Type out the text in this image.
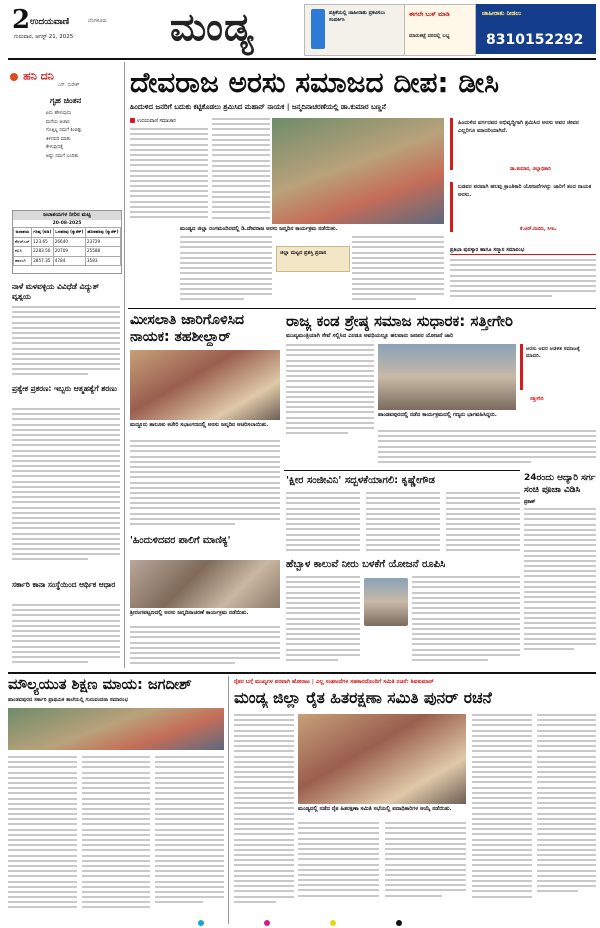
2 ಉದಯವಾಣಿ	ಬೆಂಗಳೂರು
ಗುರುವಾರ, ಆಗಸ್ಟ್ 21, 2025	ಮಂಡ್ಯ	ಪತ್ರಿಕೆಯಲ್ಲಿ ಜಾಹೀರಾತು ಪ್ರಕಟಿಸಲು ಸಂಪರ್ಕಿಸಿ
ಈಗಲೇ ಬುಕ್ ಮಾಡಿ
ಮಾರುಕಟ್ಟೆ ದರದಲ್ಲಿ ಲಭ್ಯ
ಜಾಹೀರಾತು ನೀಡಲು
8310152292
ಹನಿ ದನಿ
ಎನ್. ಸುರೇಶ್
ಗೃಹ ಚಿಂತನ
ಏನು ಹೇಳುವುದು
ಮನೆಯ ಆಚಾರ
ಗೊತ್ತಿಲ್ಲ ನಮಗೆ ಕಿಂಚಿತ್ತು
ತಿಳಿದವರ ಮಾತು
ಕೇಳುವುದಕ್ಕೆ
ಅಷ್ಟು ನಮಗೆ ಬಂದಿತು
ಜಲಾಶಯಗಳ ನೀರಿನ ಮಟ್ಟ
20-08-2025
ಜಲಾಶಯ	ಗರಿಷ್ಠ (ಅಡಿ)	ಒಳಹರಿವು (ಕ್ಯುಸೆಕ್)	ಹೊರಹರಿವು (ಕ್ಯುಸೆಕ್)
ಕೆಆರ್‌ಎಸ್	123.65	26640	23729
ಕಬಿನಿ	2283.50	20709	25588
ಹಾರಂಗಿ	2857.35	4784	3583
ನಾಳೆ ಮಳವಳ್ಳಿಯ ವಿವಿಧೆಡೆ ವಿದ್ಯುತ್ ವ್ಯತ್ಯಯ
ಪ್ರತ್ಯೇಕ ಪ್ರಕರಣ: ಇಬ್ಬರು ಆತ್ಮಹತ್ಯೆಗೆ ಶರಣು
ಸರ್ಕಾರಿ ಕಾನಾ ಸಂಸ್ಥೆಯಿಂದ ಆರ್ಥಿಕ ಆಧಾರ
ದೇವರಾಜ ಅರಸು ಸಮಾಜದ ದೀಪ: ಡೀಸಿ
ಹಿಂದುಳಿದ ಜನರಿಗೆ ಬದುಕು ಕಟ್ಟಿಕೊಡಲು ಶ್ರಮಿಸಿದ ಮಹಾನ್ ನಾಯಕ | ಜನ್ಮದಿನಾಚರಣೆಯಲ್ಲಿ ಡಾ.ಕುಮಾರ ಬಣ್ಣನೆ
ಉದಯವಾಣಿ ಸಮಾಚಾರ
ಮಂಡ್ಯದ ಜಿಲ್ಲಾ ರಂಗಮಂದಿರದಲ್ಲಿ ಡಿ.ದೇವರಾಜ ಅರಸು ಜನ್ಮದಿನ ಕಾರ್ಯಕ್ರಮ ನಡೆಯಿತು.
ಹಿಂದುಳಿದ ವರ್ಗದವರ ಅಭಿವೃದ್ಧಿಗಾಗಿ ಶ್ರಮಿಸಿದ ಅರಸು ಅವರ ಜೀವನ ಎಲ್ಲರಿಗೂ ಮಾದರಿಯಾಗಿದೆ.
ಡಾ.ಕುಮಾರ, ಜಿಲ್ಲಾಧಿಕಾರಿ
ಬಡವರ ಪರವಾಗಿ ಹಲವು ಕ್ರಾಂತಿಕಾರಿ ಯೋಜನೆಗಳನ್ನು ಜಾರಿಗೆ ತಂದ ನಾಯಕ ಅರಸು.
ಕೆ.ಆರ್.ನಂದಿನಿ, ಸಿಇಒ
ಜಿಲ್ಲಾ ಮಟ್ಟದ ಪ್ರಶಸ್ತಿ ಪ್ರದಾನ	ಪ್ರತಿಭಾ ಪುರಸ್ಕಾರ ಹಾಗೂ ಸನ್ಮಾನ ಸಮಾರಂಭ
ಮೀಸಲಾತಿ ಜಾರಿಗೊಳಿಸಿದ ನಾಯಕ: ತಹಶೀಲ್ದಾರ್
ಮದ್ದೂರು ತಾಲೂಕು ಕಚೇರಿ ಸಭಾಂಗಣದಲ್ಲಿ ಅರಸು ಜನ್ಮದಿನ ಆಚರಿಸಲಾಯಿತು.
ರಾಜ್ಯ ಕಂಡ ಶ್ರೇಷ್ಠ ಸಮಾಜ ಸುಧಾರಕ: ಸತ್ತೀಗೇರಿ
ಮುಖ್ಯಮಂತ್ರಿಯಾಗಿ ಸೇವೆ ಸಲ್ಲಿಸಿದ ಎರಡೂ ಅವಧಿಯಲ್ಲೂ ಹಲವಾರು ಜನಪರ ಯೋಜನೆ ಜಾರಿ
ಪಾಂಡವಪುರದಲ್ಲಿ ನಡೆದ ಕಾರ್ಯಕ್ರಮದಲ್ಲಿ ಗಣ್ಯರು ಭಾಗವಹಿಸಿದ್ದರು.
ಅರಸು ಅವರ ಆಡಳಿತ ಸಮಾಜಕ್ಕೆ ಮಾದರಿ.
ಸತ್ತೀಗೇರಿ
'ಕ್ಷೀರ ಸಂಜೀವಿನಿ' ಸದ್ಬಳಕೆಯಾಗಲಿ: ಕೃಷ್ಣೇಗೌಡ	24ರಂದು ಆದ್ಯಾರಿ ಸರ್ಗ ಸಂಚಿ ಪೂಜಾ ವಿಡಿಸಿ
ಪ್ರಕಾಶ್
'ಹಿಂದುಳಿದವರ ಪಾಲಿಗೆ ಮಾಣಿಕ್ಯ'
ಶ್ರೀರಂಗಪಟ್ಟಣದಲ್ಲಿ ಅರಸು ಜನ್ಮದಿನಾಚರಣೆ ಕಾರ್ಯಕ್ರಮ ನಡೆಯಿತು.
ಹೆಬ್ಬಾಳ ಕಾಲುವೆ ನೀರು ಬಳಕೆಗೆ ಯೋಜನೆ ರೂಪಿಸಿ
ಮೌಲ್ಯಯುತ ಶಿಕ್ಷಣ ಮಾಯ: ಜಗದೀಶ್
ಪಾಂಡವಪುರದ ಸರ್ಕಾರಿ ಪ್ರಾಥಮಿಕ ಶಾಲೆಯಲ್ಲಿ ಗುರುವಂದನಾ ಸಮಾರಂಭ
ರೈತರ ಬಗ್ಗೆ ಮುಖ್ಯಗಳ ಪರವಾಗಿ ಹೋರಾಟ | ಎಲ್ಲ ಸಂಘಟನೆಗಳ ಸಹಕಾರದೊಂದಿಗೆ ಸಮಿತಿ ರಚನೆ: ಶಿವಕುಮಾರ್
ಮಂಡ್ಯ ಜಿಲ್ಲಾ ರೈತ ಹಿತರಕ್ಷಣಾ ಸಮಿತಿ ಪುನರ್ ರಚನೆ
ಮಂಡ್ಯದಲ್ಲಿ ನಡೆದ ರೈತ ಹಿತರಕ್ಷಣಾ ಸಮಿತಿ ಸಭೆಯಲ್ಲಿ ಪದಾಧಿಕಾರಿಗಳ ಆಯ್ಕೆ ನಡೆಯಿತು.
